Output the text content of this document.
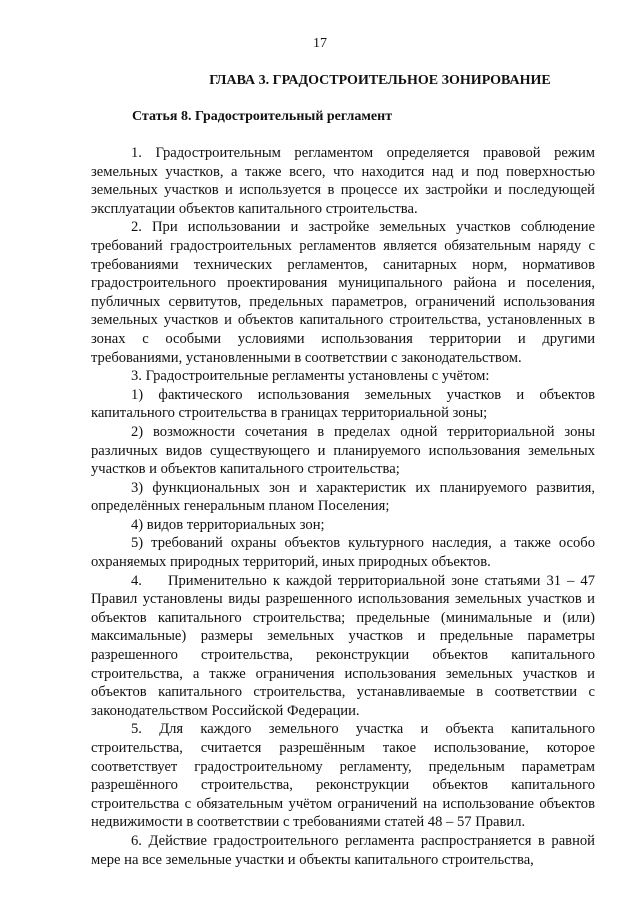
17
ГЛАВА 3. ГРАДОСТРОИТЕЛЬНОЕ ЗОНИРОВАНИЕ
Статья 8. Градостроительный регламент

1. Градостроительным регламентом определяется правовой режим земельных участков, а также всего, что находится над и под поверхностью земельных участков и используется в процессе их застройки и последующей эксплуатации объектов капитального строительства.

2. При использовании и застройке земельных участков соблюдение требований градостроительных регламентов является обязательным наряду с требованиями технических регламентов, санитарных норм, нормативов градостроительного проектирования муниципального района и поселения, публичных сервитутов, предельных параметров, ограничений использования земельных участков и объектов капитального строительства, установленных в зонах с особыми условиями использования территории и другими требованиями, установленными в соответствии с законодательством.

3. Градостроительные регламенты установлены с учётом:

1) фактического использования земельных участков и объектов капитального строительства в границах территориальной зоны;

2) возможности сочетания в пределах одной территориальной зоны различных видов существующего и планируемого использования земельных участков и объектов капитального строительства;

3) функциональных зон и характеристик их планируемого развития, определённых генеральным планом Поселения;

4) видов территориальных зон;

5) требований охраны объектов культурного наследия, а также особо охраняемых природных территорий, иных природных объектов.

4. Применительно к каждой территориальной зоне статьями 31 – 47 Правил установлены виды разрешенного использования земельных участков и объектов капитального строительства; предельные (минимальные и (или) максимальные) размеры земельных участков и предельные параметры разрешенного строительства, реконструкции объектов капитального строительства, а также ограничения использования земельных участков и объектов капитального строительства, устанавливаемые в соответствии с законодательством Российской Федерации.

5. Для каждого земельного участка и объекта капитального строительства, считается разрешённым такое использование, которое соответствует градостроительному регламенту, предельным параметрам разрешённого строительства, реконструкции объектов капитального строительства с обязательным учётом ограничений на использование объектов недвижимости в соответствии с требованиями статей 48 – 57 Правил.

6. Действие градостроительного регламента распространяется в равной мере на все земельные участки и объекты капитального строительства,
